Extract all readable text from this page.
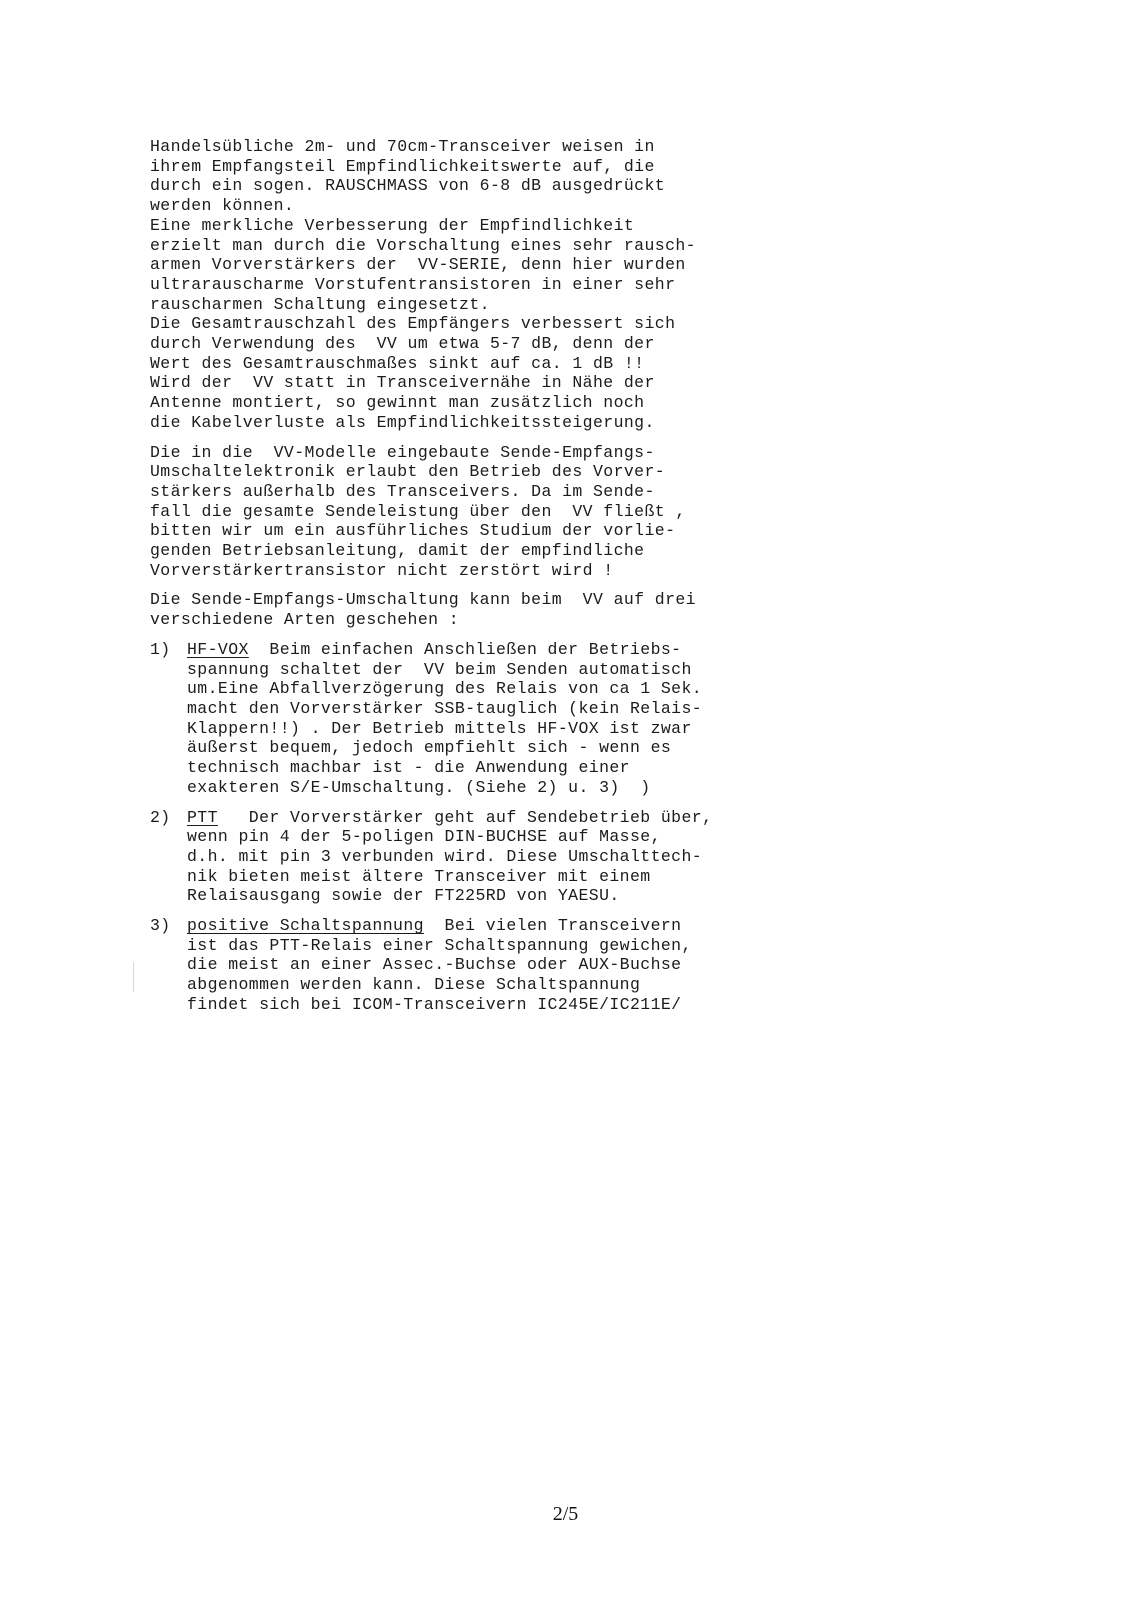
Handelsübliche 2m- und 70cm-Transceiver weisen in
ihrem Empfangsteil Empfindlichkeitswerte auf, die
durch ein sogen. RAUSCHMASS von 6-8 dB ausgedrückt
werden können.
Eine merkliche Verbesserung der Empfindlichkeit
erzielt man durch die Vorschaltung eines sehr rausch-
armen Vorverstärkers der  VV-SERIE, denn hier wurden
ultrarauscharme Vorstufentransistoren in einer sehr
rauscharmen Schaltung eingesetzt.
Die Gesamtrauschzahl des Empfängers verbessert sich
durch Verwendung des  VV um etwa 5-7 dB, denn der
Wert des Gesamtrauschmaßes sinkt auf ca. 1 dB !!
Wird der  VV statt in Transceivernähe in Nähe der
Antenne montiert, so gewinnt man zusätzlich noch
die Kabelverluste als Empfindlichkeitssteigerung.
Die in die  VV-Modelle eingebaute Sende-Empfangs-
Umschaltelektronik erlaubt den Betrieb des Vorver-
stärkers außerhalb des Transceivers. Da im Sende-
fall die gesamte Sendeleistung über den  VV fließt ,
bitten wir um ein ausführliches Studium der vorlie-
genden Betriebsanleitung, damit der empfindliche
Vorverstärkertransistor nicht zerstört wird !
Die Sende-Empfangs-Umschaltung kann beim  VV auf drei
verschiedene Arten geschehen :
1) HF-VOX  Beim einfachen Anschließen der Betriebs-
spannung schaltet der  VV beim Senden automatisch
um.Eine Abfallverzögerung des Relais von ca 1 Sek.
macht den Vorverstärker SSB-tauglich (kein Relais-
Klappern!!) . Der Betrieb mittels HF-VOX ist zwar
äußerst bequem, jedoch empfiehlt sich - wenn es
technisch machbar ist - die Anwendung einer
exakteren S/E-Umschaltung. (Siehe 2) u. 3)  )
2) PTT   Der Vorverstärker geht auf Sendebetrieb über,
wenn pin 4 der 5-poligen DIN-BUCHSE auf Masse,
d.h. mit pin 3 verbunden wird. Diese Umschalttech-
nik bieten meist ältere Transceiver mit einem
Relaisausgang sowie der FT225RD von YAESU.
3) positive Schaltspannung  Bei vielen Transceivern
ist das PTT-Relais einer Schaltspannung gewichen,
die meist an einer Assec.-Buchse oder AUX-Buchse
abgenommen werden kann. Diese Schaltspannung
findet sich bei ICOM-Transceivern IC245E/IC211E/
2/5
